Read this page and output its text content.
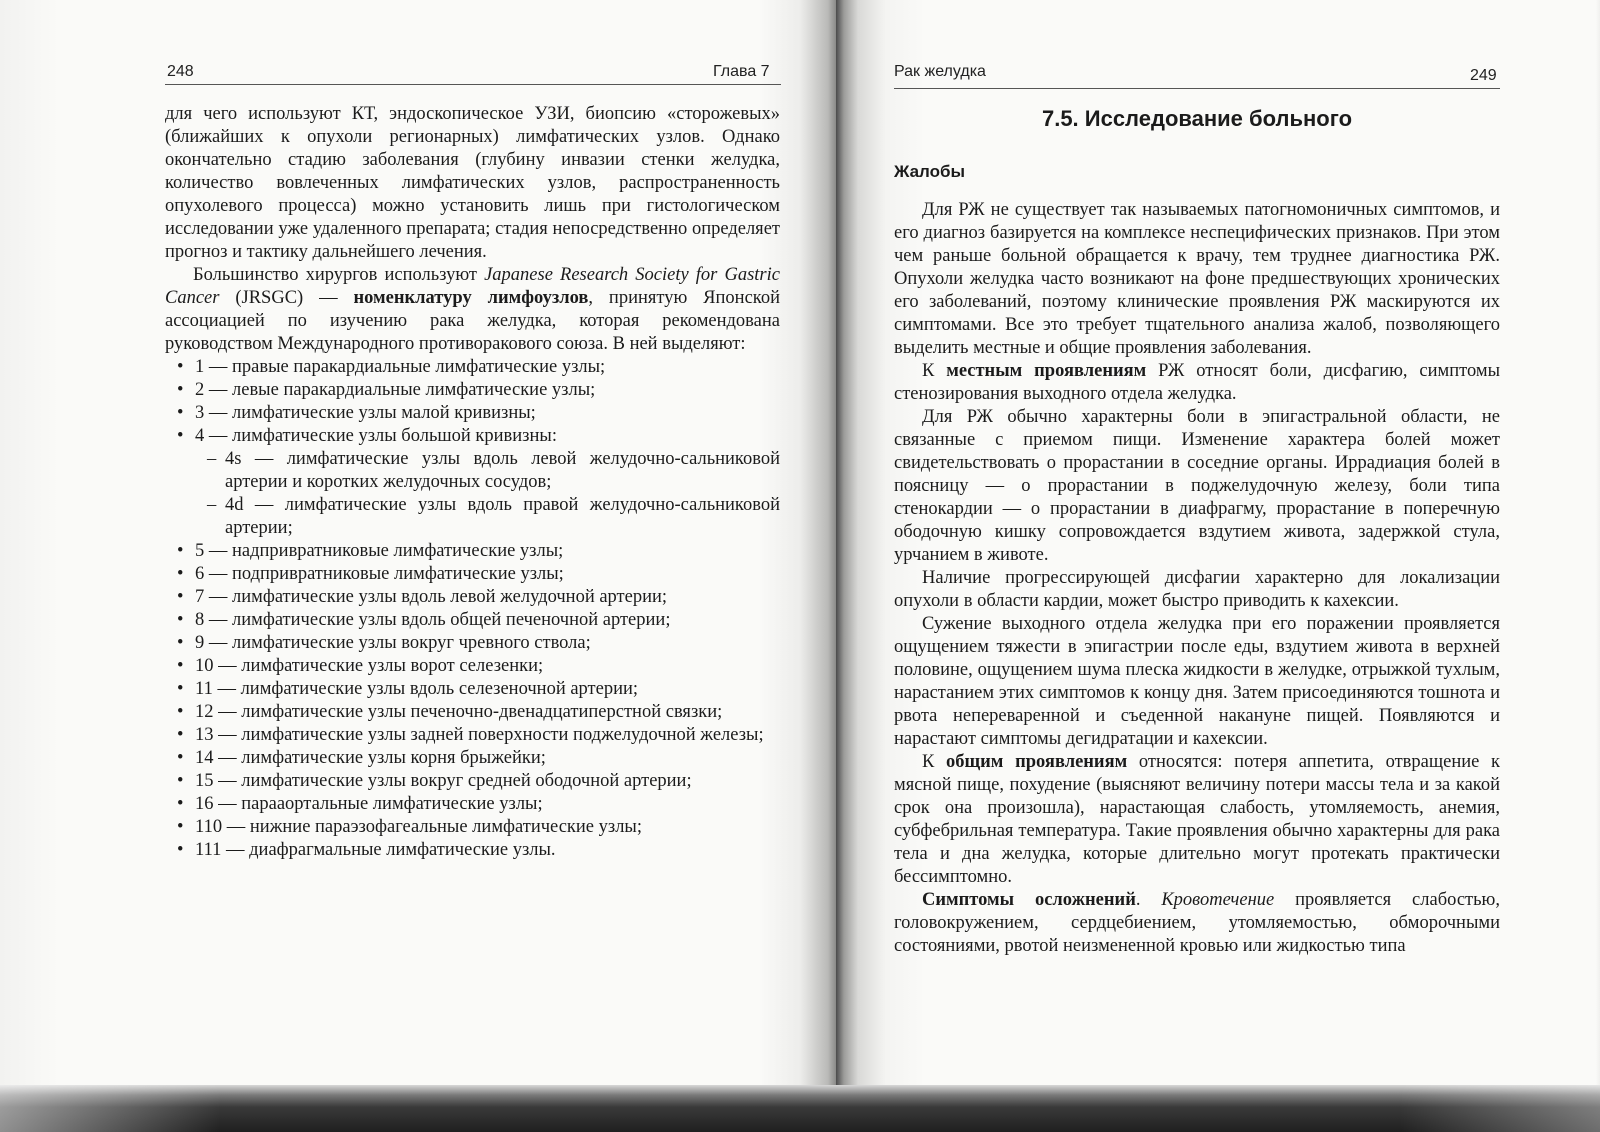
248	Глава 7

для чего используют КТ, эндоскопическое УЗИ, биопсию «сторожевых» (ближайших к опухоли регионарных) лимфатических узлов. Однако окончательно стадию заболевания (глубину инвазии стенки желудка, количество вовлеченных лимфатических узлов, распространенность опухолевого процесса) можно установить лишь при гистологическом исследовании уже удаленного препарата; стадия непосредственно определяет прогноз и тактику дальнейшего лечения.

Большинство хирургов используют Japanese Research Society for Gastric Cancer (JRSGC) — номенклатуру лимфоузлов, принятую Японской ассоциацией по изучению рака желудка, которая рекомендована руководством Международного противоракового союза. В ней выделяют:

• 1 — правые паракардиальные лимфатические узлы;
• 2 — левые паракардиальные лимфатические узлы;
• 3 — лимфатические узлы малой кривизны;
• 4 — лимфатические узлы большой кривизны:
– 4s — лимфатические узлы вдоль левой желудочно-сальниковой артерии и коротких желудочных сосудов;
– 4d — лимфатические узлы вдоль правой желудочно-сальниковой артерии;
• 5 — надпривратниковые лимфатические узлы;
• 6 — подпривратниковые лимфатические узлы;
• 7 — лимфатические узлы вдоль левой желудочной артерии;
• 8 — лимфатические узлы вдоль общей печеночной артерии;
• 9 — лимфатические узлы вокруг чревного ствола;
• 10 — лимфатические узлы ворот селезенки;
• 11 — лимфатические узлы вдоль селезеночной артерии;
• 12 — лимфатические узлы печеночно-двенадцатиперстной связки;
• 13 — лимфатические узлы задней поверхности поджелудочной железы;
• 14 — лимфатические узлы корня брыжейки;
• 15 — лимфатические узлы вокруг средней ободочной артерии;
• 16 — парааортальные лимфатические узлы;
• 110 — нижние параэзофагеальные лимфатические узлы;
• 111 — диафрагмальные лимфатические узлы.
Рак желудка	249
7.5. Исследование больного
Жалобы

Для РЖ не существует так называемых патогномоничных симптомов, и его диагноз базируется на комплексе неспецифических признаков. При этом чем раньше больной обращается к врачу, тем труднее диагностика РЖ. Опухоли желудка часто возникают на фоне предшествующих хронических его заболеваний, поэтому клинические проявления РЖ маскируются их симптомами. Все это требует тщательного анализа жалоб, позволяющего выделить местные и общие проявления заболевания.

К местным проявлениям РЖ относят боли, дисфагию, симптомы стенозирования выходного отдела желудка.

Для РЖ обычно характерны боли в эпигастральной области, не связанные с приемом пищи. Изменение характера болей может свидетельствовать о прорастании в соседние органы. Иррадиация болей в поясницу — о прорастании в поджелудочную железу, боли типа стенокардии — о прорастании в диафрагму, прорастание в поперечную ободочную кишку сопровождается вздутием живота, задержкой стула, урчанием в животе.

Наличие прогрессирующей дисфагии характерно для локализации опухоли в области кардии, может быстро приводить к кахексии.

Сужение выходного отдела желудка при его поражении проявляется ощущением тяжести в эпигастрии после еды, вздутием живота в верхней половине, ощущением шума плеска жидкости в желудке, отрыжкой тухлым, нарастанием этих симптомов к концу дня. Затем присоединяются тошнота и рвота непереваренной и съеденной накануне пищей. Появляются и нарастают симптомы дегидратации и кахексии.

К общим проявлениям относятся: потеря аппетита, отвращение к мясной пище, похудение (выясняют величину потери массы тела и за какой срок она произошла), нарастающая слабость, утомляемость, анемия, субфебрильная температура. Такие проявления обычно характерны для рака тела и дна желудка, которые длительно могут протекать практически бессимптомно.

Симптомы осложнений. Кровотечение проявляется слабостью, головокружением, сердцебиением, утомляемостью, обморочными состояниями, рвотой неизмененной кровью или жидкостью типа
